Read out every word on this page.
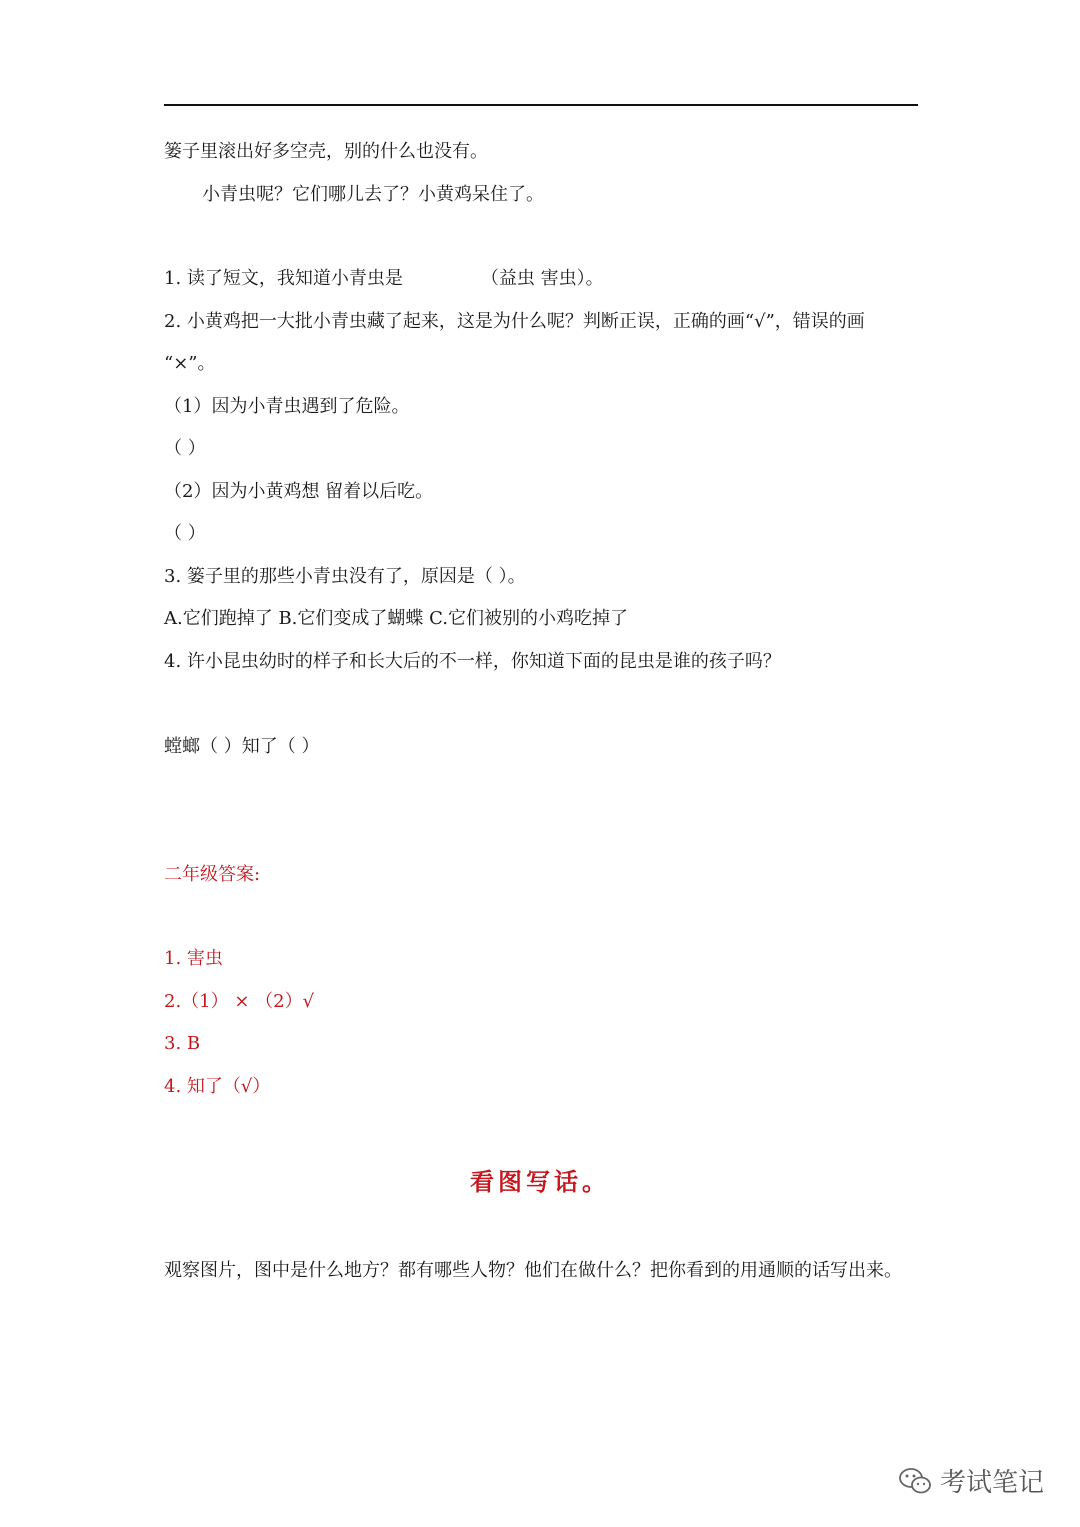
篓子里滚出好多空壳，别的什么也没有。
小青虫呢？它们哪儿去了？小黄鸡呆住了。
1. 读了短文，我知道小青虫是	（益虫 害虫）。
2. 小黄鸡把一大批小青虫藏了起来，这是为什么呢？判断正误，正确的画“√”，错误的画
“×”。
（1）因为小青虫遇到了危险。
（ ）
（2）因为小黄鸡想 留着以后吃。
（ ）
3. 篓子里的那些小青虫没有了，原因是（ ）。
A.它们跑掉了 B.它们变成了蝴蝶 C.它们被别的小鸡吃掉了
4. 许小昆虫幼时的样子和长大后的不一样，你知道下面的昆虫是谁的孩子吗？
螳螂（ ）知了（ ）
二年级答案:
1. 害虫
2.（1） × （2）√
3. B
4. 知了（√）
看图写话。
观察图片，图中是什么地方？都有哪些人物？他们在做什么？把你看到的用通顺的话写出来。
考试笔记
